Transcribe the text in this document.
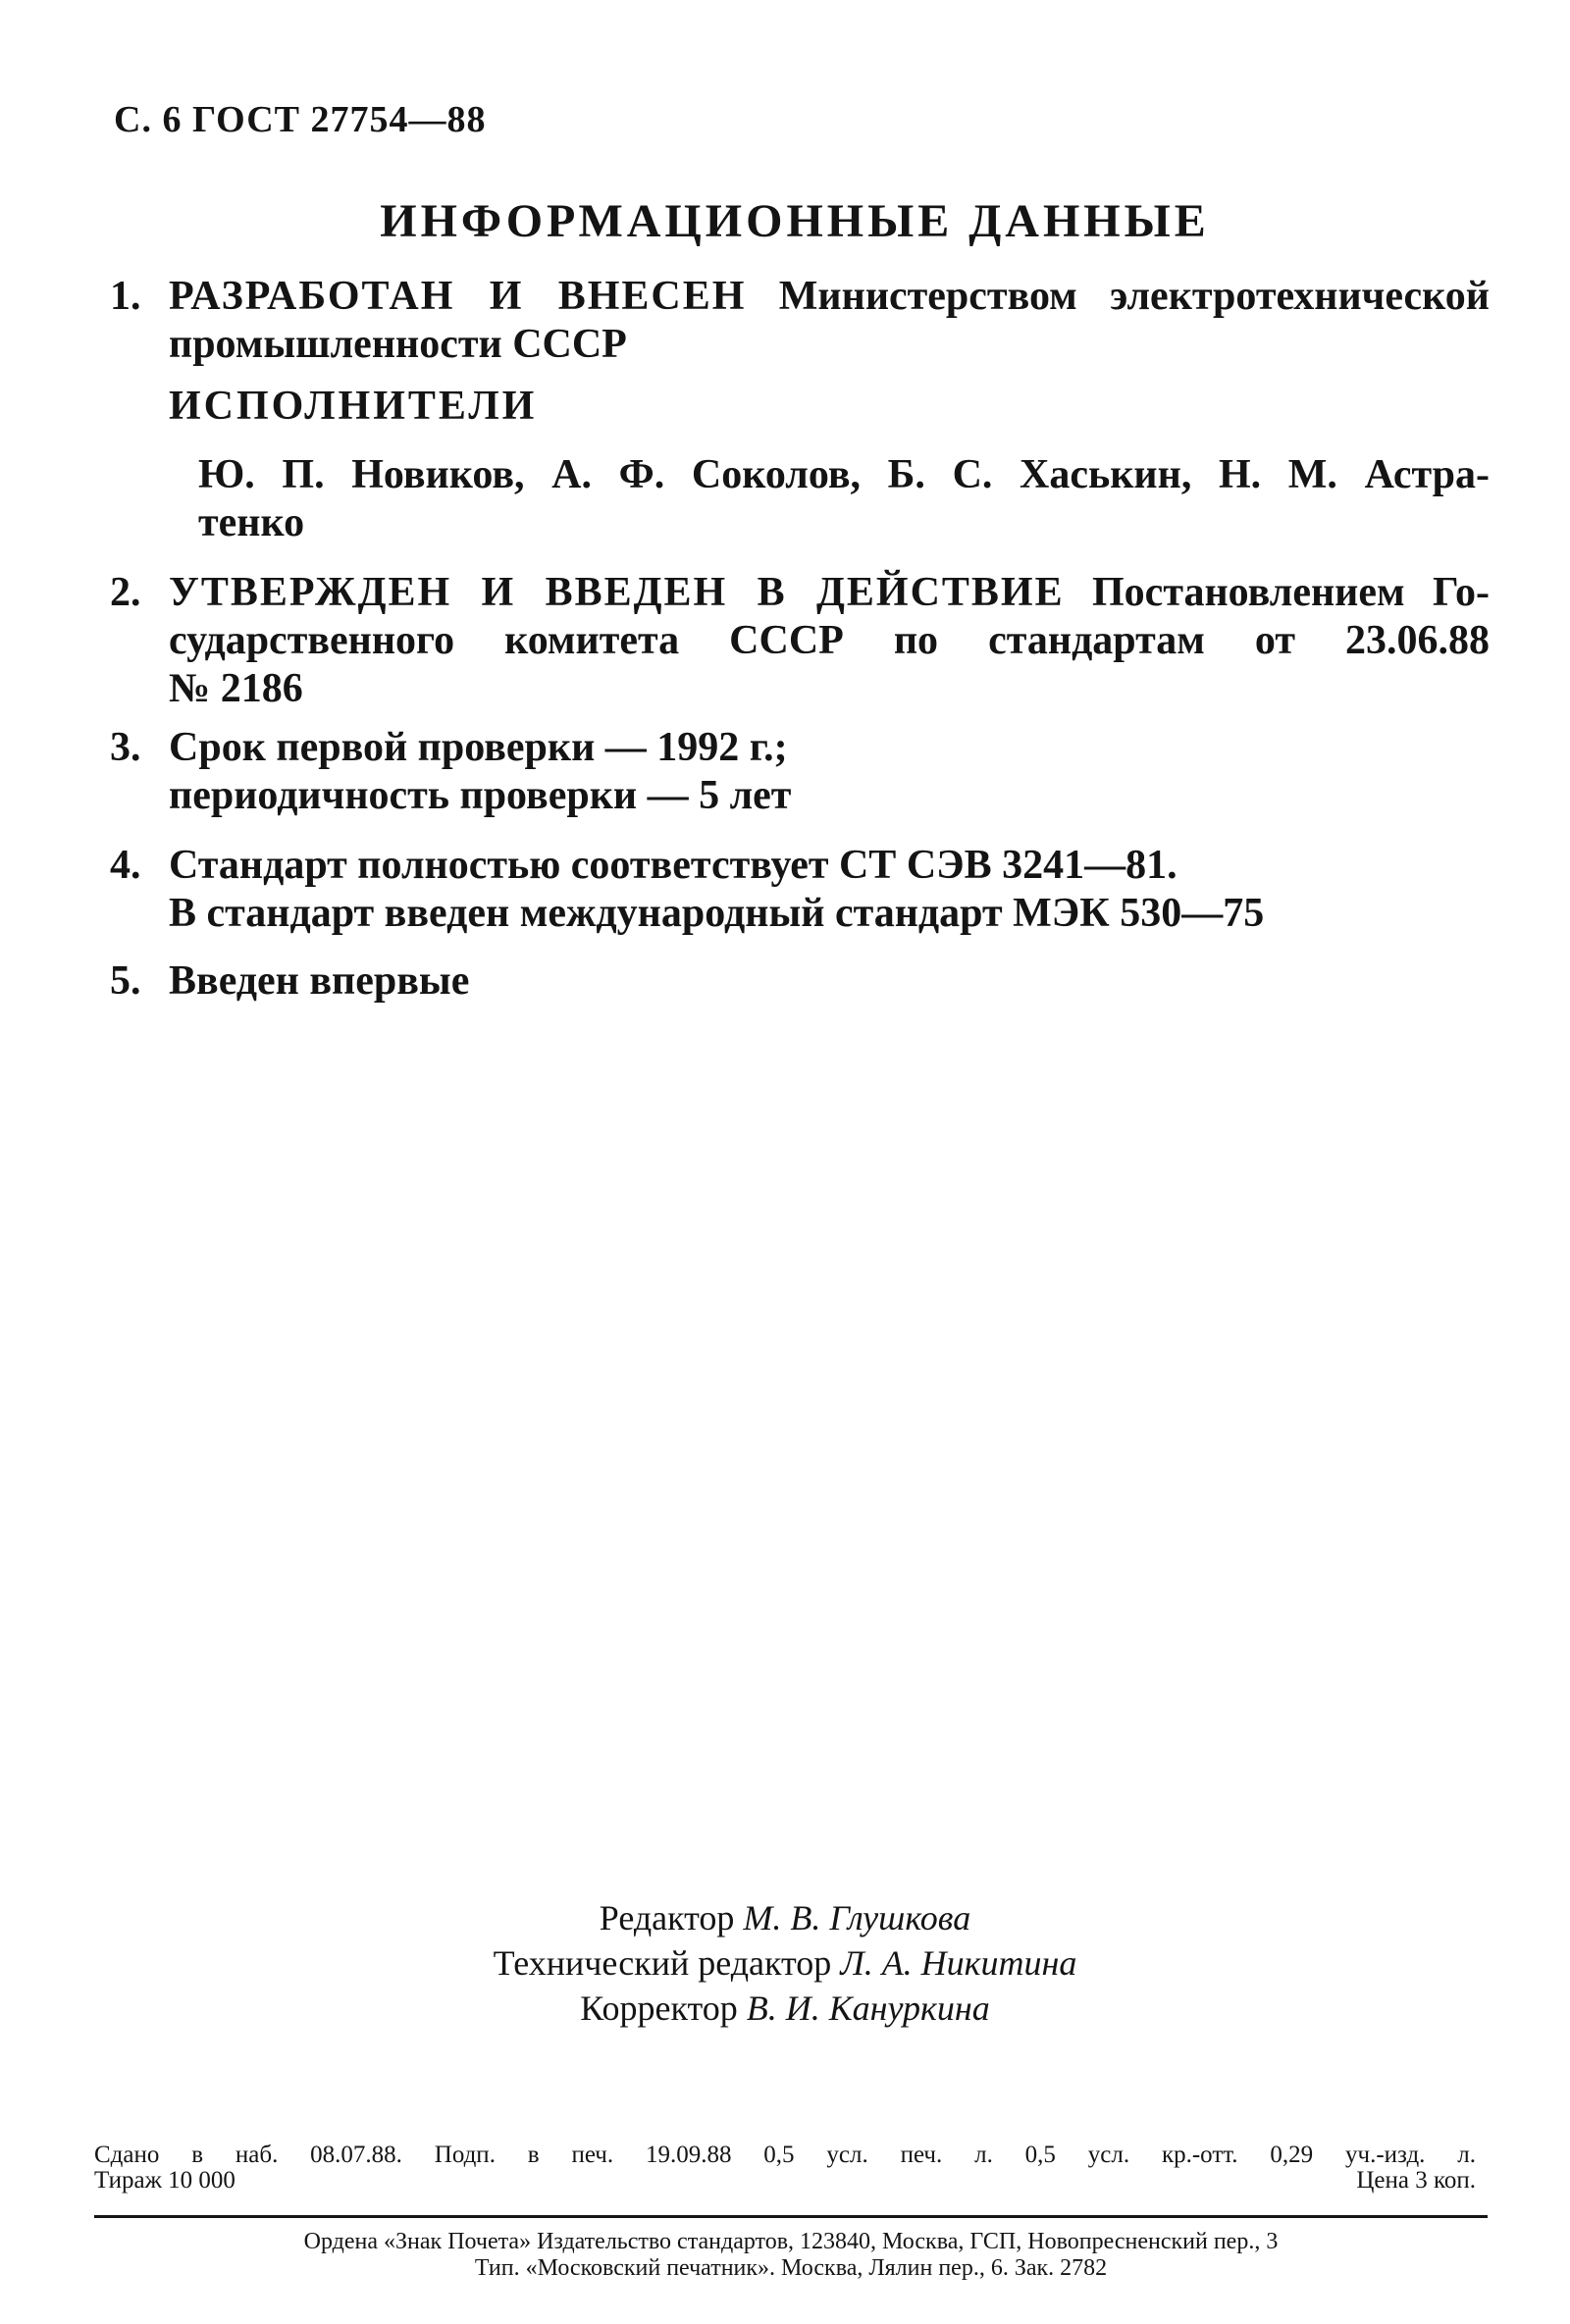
С. 6 ГОСТ 27754—88
ИНФОРМАЦИОННЫЕ ДАННЫЕ
1. РАЗРАБОТАН И ВНЕСЕН Министерством электротехнической
промышленности СССР
ИСПОЛНИТЕЛИ
Ю. П. Новиков, А. Ф. Соколов, Б. С. Хаськин, Н. М. Астра-
тенко
2. УТВЕРЖДЕН И ВВЕДЕН В ДЕЙСТВИЕ Постановлением Го-
сударственного комитета СССР по стандартам от 23.06.88
№ 2186
3. Срок первой проверки — 1992 г.;
периодичность проверки — 5 лет
4. Стандарт полностью соответствует СТ СЭВ 3241—81.
В стандарт введен международный стандарт МЭК 530—75
5. Введен впервые
Редактор М. В. Глушкова
Технический редактор Л. А. Никитина
Корректор В. И. Кануркина
Сдано в наб. 08.07.88. Подп. в печ. 19.09.88 0,5 усл. печ. л. 0,5 усл. кр.-отт. 0,29 уч.-изд. л.
Тираж 10 000	Цена 3 коп.
Ордена «Знак Почета» Издательство стандартов, 123840, Москва, ГСП, Новопресненский пер., 3
Тип. «Московский печатник». Москва, Лялин пер., 6. Зак. 2782
